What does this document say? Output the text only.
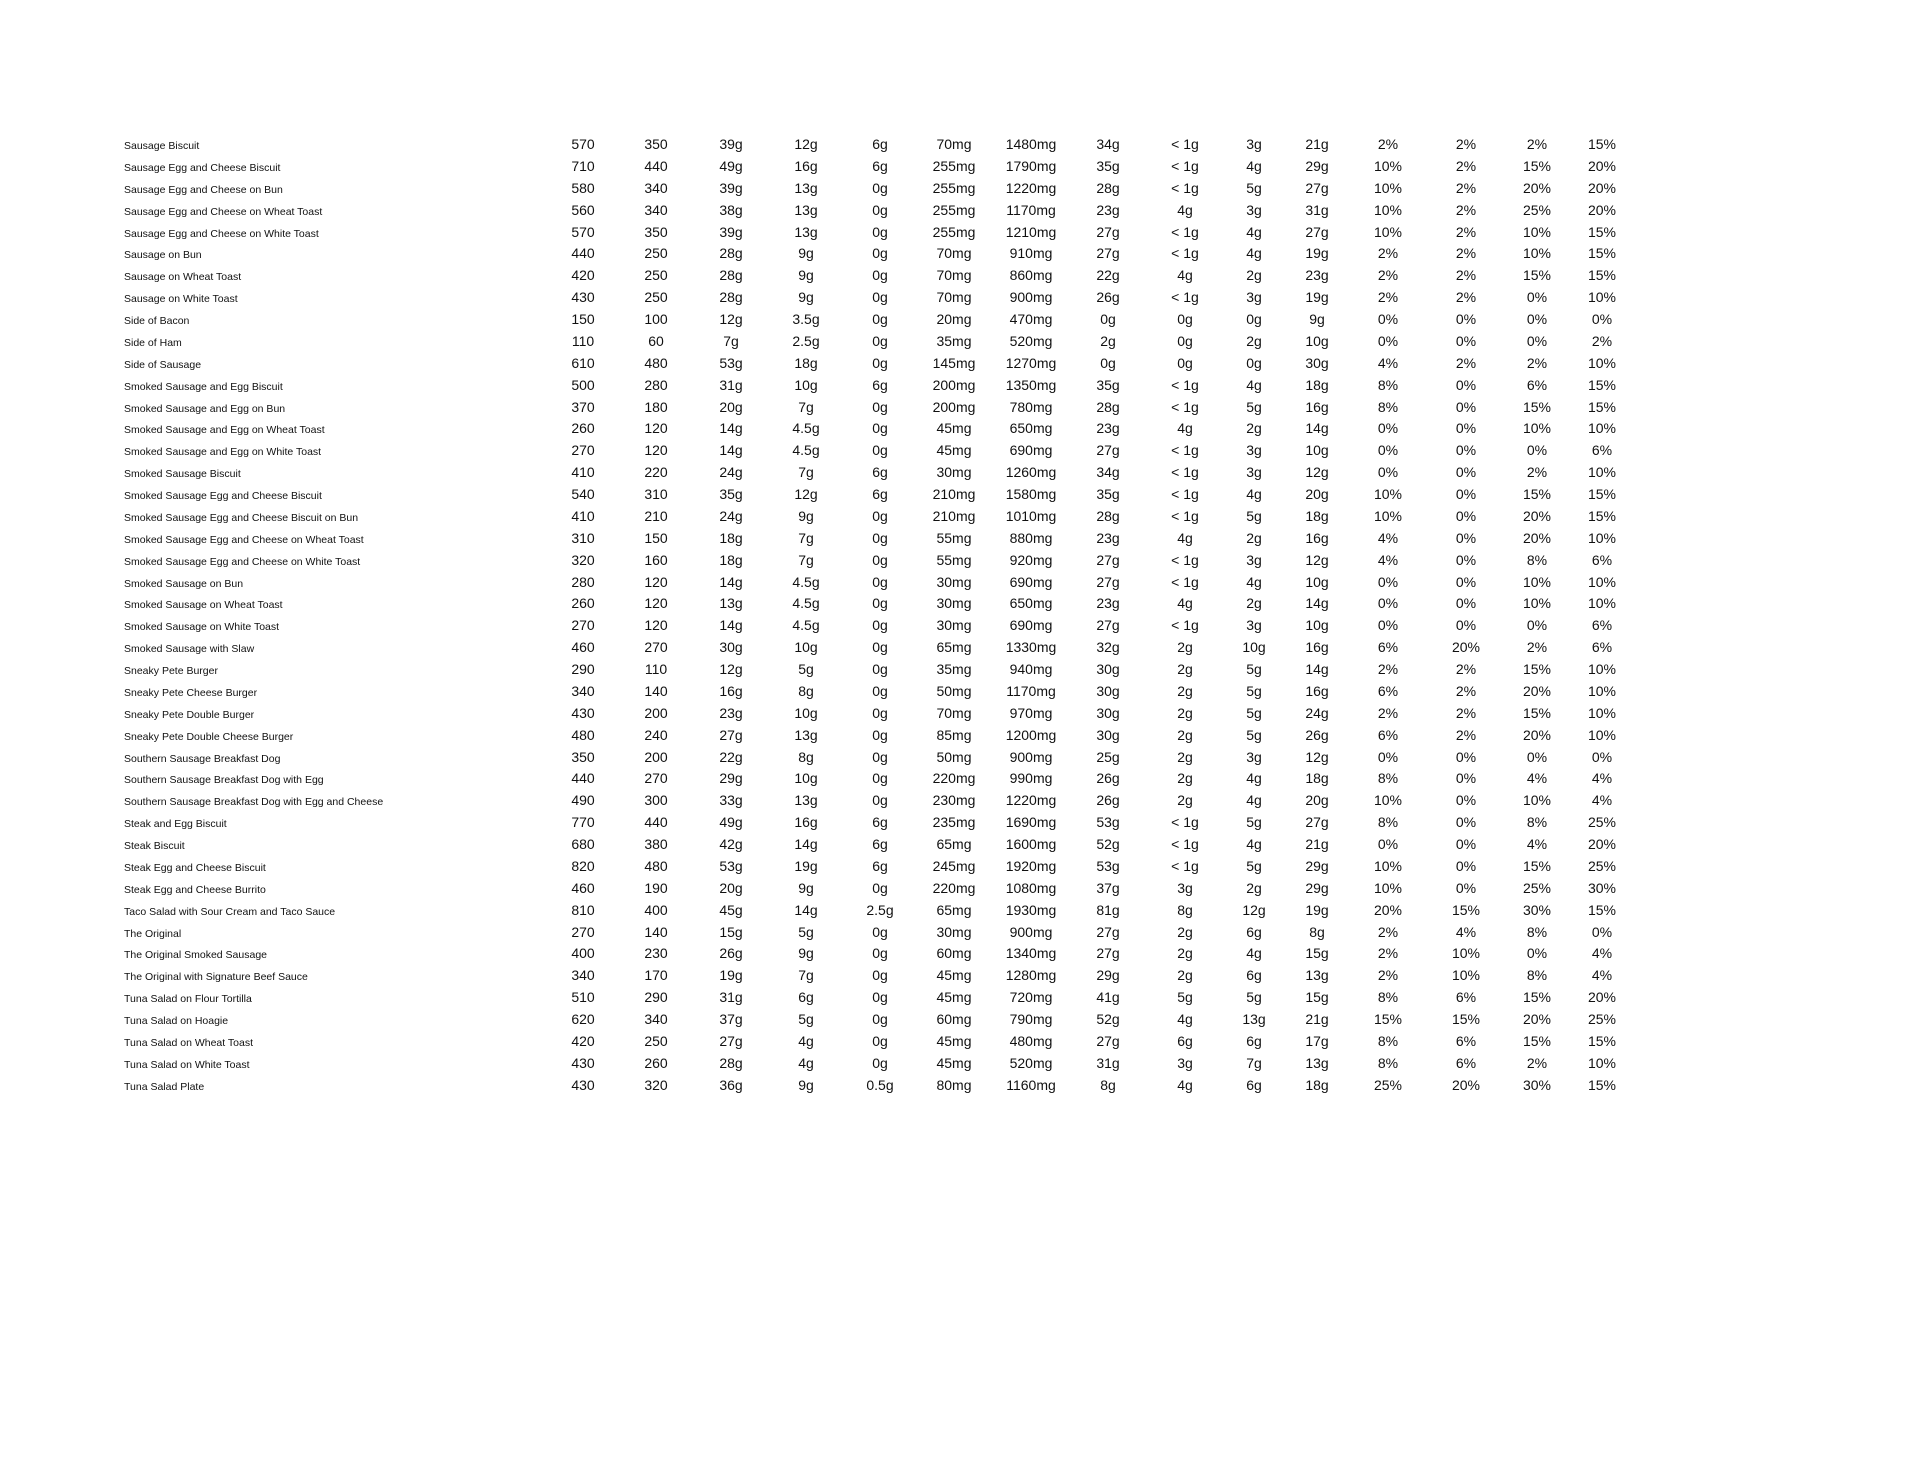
Sausage Biscuit	570	350	39g	12g	6g	70mg	1480mg	34g	< 1g	3g	21g	2%	2%	2%	15%
Sausage Egg and Cheese Biscuit	710	440	49g	16g	6g	255mg	1790mg	35g	< 1g	4g	29g	10%	2%	15%	20%
Sausage Egg and Cheese on Bun	580	340	39g	13g	0g	255mg	1220mg	28g	< 1g	5g	27g	10%	2%	20%	20%
Sausage Egg and Cheese on Wheat Toast	560	340	38g	13g	0g	255mg	1170mg	23g	4g	3g	31g	10%	2%	25%	20%
Sausage Egg and Cheese on White Toast	570	350	39g	13g	0g	255mg	1210mg	27g	< 1g	4g	27g	10%	2%	10%	15%
Sausage on Bun	440	250	28g	9g	0g	70mg	910mg	27g	< 1g	4g	19g	2%	2%	10%	15%
Sausage on Wheat Toast	420	250	28g	9g	0g	70mg	860mg	22g	4g	2g	23g	2%	2%	15%	15%
Sausage on White Toast	430	250	28g	9g	0g	70mg	900mg	26g	< 1g	3g	19g	2%	2%	0%	10%
Side of Bacon	150	100	12g	3.5g	0g	20mg	470mg	0g	0g	0g	9g	0%	0%	0%	0%
Side of Ham	110	60	7g	2.5g	0g	35mg	520mg	2g	0g	2g	10g	0%	0%	0%	2%
Side of Sausage	610	480	53g	18g	0g	145mg	1270mg	0g	0g	0g	30g	4%	2%	2%	10%
Smoked Sausage and Egg Biscuit	500	280	31g	10g	6g	200mg	1350mg	35g	< 1g	4g	18g	8%	0%	6%	15%
Smoked Sausage and Egg on Bun	370	180	20g	7g	0g	200mg	780mg	28g	< 1g	5g	16g	8%	0%	15%	15%
Smoked Sausage and Egg on Wheat Toast	260	120	14g	4.5g	0g	45mg	650mg	23g	4g	2g	14g	0%	0%	10%	10%
Smoked Sausage and Egg on White Toast	270	120	14g	4.5g	0g	45mg	690mg	27g	< 1g	3g	10g	0%	0%	0%	6%
Smoked Sausage Biscuit	410	220	24g	7g	6g	30mg	1260mg	34g	< 1g	3g	12g	0%	0%	2%	10%
Smoked Sausage Egg and Cheese Biscuit	540	310	35g	12g	6g	210mg	1580mg	35g	< 1g	4g	20g	10%	0%	15%	15%
Smoked Sausage Egg and Cheese Biscuit on Bun	410	210	24g	9g	0g	210mg	1010mg	28g	< 1g	5g	18g	10%	0%	20%	15%
Smoked Sausage Egg and Cheese on Wheat Toast	310	150	18g	7g	0g	55mg	880mg	23g	4g	2g	16g	4%	0%	20%	10%
Smoked Sausage Egg and Cheese on White Toast	320	160	18g	7g	0g	55mg	920mg	27g	< 1g	3g	12g	4%	0%	8%	6%
Smoked Sausage on Bun	280	120	14g	4.5g	0g	30mg	690mg	27g	< 1g	4g	10g	0%	0%	10%	10%
Smoked Sausage on Wheat Toast	260	120	13g	4.5g	0g	30mg	650mg	23g	4g	2g	14g	0%	0%	10%	10%
Smoked Sausage on White Toast	270	120	14g	4.5g	0g	30mg	690mg	27g	< 1g	3g	10g	0%	0%	0%	6%
Smoked Sausage with Slaw	460	270	30g	10g	0g	65mg	1330mg	32g	2g	10g	16g	6%	20%	2%	6%
Sneaky Pete Burger	290	110	12g	5g	0g	35mg	940mg	30g	2g	5g	14g	2%	2%	15%	10%
Sneaky Pete Cheese Burger	340	140	16g	8g	0g	50mg	1170mg	30g	2g	5g	16g	6%	2%	20%	10%
Sneaky Pete Double Burger	430	200	23g	10g	0g	70mg	970mg	30g	2g	5g	24g	2%	2%	15%	10%
Sneaky Pete Double Cheese Burger	480	240	27g	13g	0g	85mg	1200mg	30g	2g	5g	26g	6%	2%	20%	10%
Southern Sausage Breakfast Dog	350	200	22g	8g	0g	50mg	900mg	25g	2g	3g	12g	0%	0%	0%	0%
Southern Sausage Breakfast Dog with Egg	440	270	29g	10g	0g	220mg	990mg	26g	2g	4g	18g	8%	0%	4%	4%
Southern Sausage Breakfast Dog with Egg and Cheese	490	300	33g	13g	0g	230mg	1220mg	26g	2g	4g	20g	10%	0%	10%	4%
Steak and Egg Biscuit	770	440	49g	16g	6g	235mg	1690mg	53g	< 1g	5g	27g	8%	0%	8%	25%
Steak Biscuit	680	380	42g	14g	6g	65mg	1600mg	52g	< 1g	4g	21g	0%	0%	4%	20%
Steak Egg and Cheese Biscuit	820	480	53g	19g	6g	245mg	1920mg	53g	< 1g	5g	29g	10%	0%	15%	25%
Steak Egg and Cheese Burrito	460	190	20g	9g	0g	220mg	1080mg	37g	3g	2g	29g	10%	0%	25%	30%
Taco Salad with Sour Cream and Taco Sauce	810	400	45g	14g	2.5g	65mg	1930mg	81g	8g	12g	19g	20%	15%	30%	15%
The Original	270	140	15g	5g	0g	30mg	900mg	27g	2g	6g	8g	2%	4%	8%	0%
The Original Smoked Sausage	400	230	26g	9g	0g	60mg	1340mg	27g	2g	4g	15g	2%	10%	0%	4%
The Original with Signature Beef Sauce	340	170	19g	7g	0g	45mg	1280mg	29g	2g	6g	13g	2%	10%	8%	4%
Tuna Salad on Flour Tortilla	510	290	31g	6g	0g	45mg	720mg	41g	5g	5g	15g	8%	6%	15%	20%
Tuna Salad on Hoagie	620	340	37g	5g	0g	60mg	790mg	52g	4g	13g	21g	15%	15%	20%	25%
Tuna Salad on Wheat Toast	420	250	27g	4g	0g	45mg	480mg	27g	6g	6g	17g	8%	6%	15%	15%
Tuna Salad on White Toast	430	260	28g	4g	0g	45mg	520mg	31g	3g	7g	13g	8%	6%	2%	10%
Tuna Salad Plate	430	320	36g	9g	0.5g	80mg	1160mg	8g	4g	6g	18g	25%	20%	30%	15%
